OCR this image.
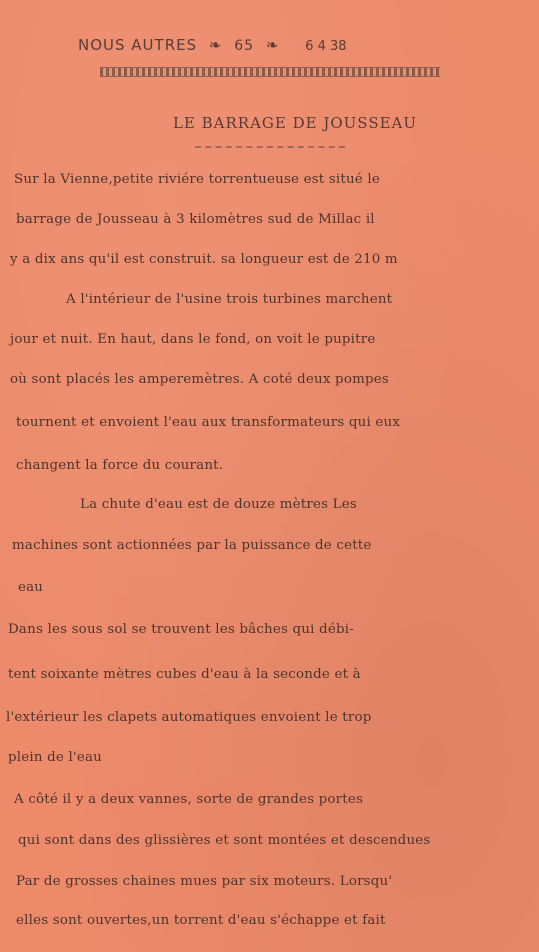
NOUS AUTRES ❧ 65 ❧ 6 4 38
LE BARRAGE DE JOUSSEAU
Sur la Vienne,petite riviére torrentueuse est situé le
barrage de Jousseau à 3 kilomètres sud de Millac il
y a dix ans qu'il est construit. sa longueur est de 210 m
A l'intérieur de l'usine trois turbines marchent
jour et nuit. En haut, dans le fond, on voit le pupitre
où sont placés les amperemètres. A coté deux pompes
tournent et envoient l'eau aux transformateurs qui eux
changent la force du courant.
La chute d'eau est de douze mètres Les
machines sont actionnées par la puissance de cette
eau
Dans les sous sol se trouvent les bâches qui débi-
tent soixante mètres cubes d'eau à la seconde et à
l'extérieur les clapets automatiques envoient le trop
plein de l'eau
A côté il y a deux vannes, sorte de grandes portes
qui sont dans des glissières et sont montées et descendues
Par de grosses chaines mues par six moteurs. Lorsqu'
elles sont ouvertes,un torrent d'eau s'échappe et fait
